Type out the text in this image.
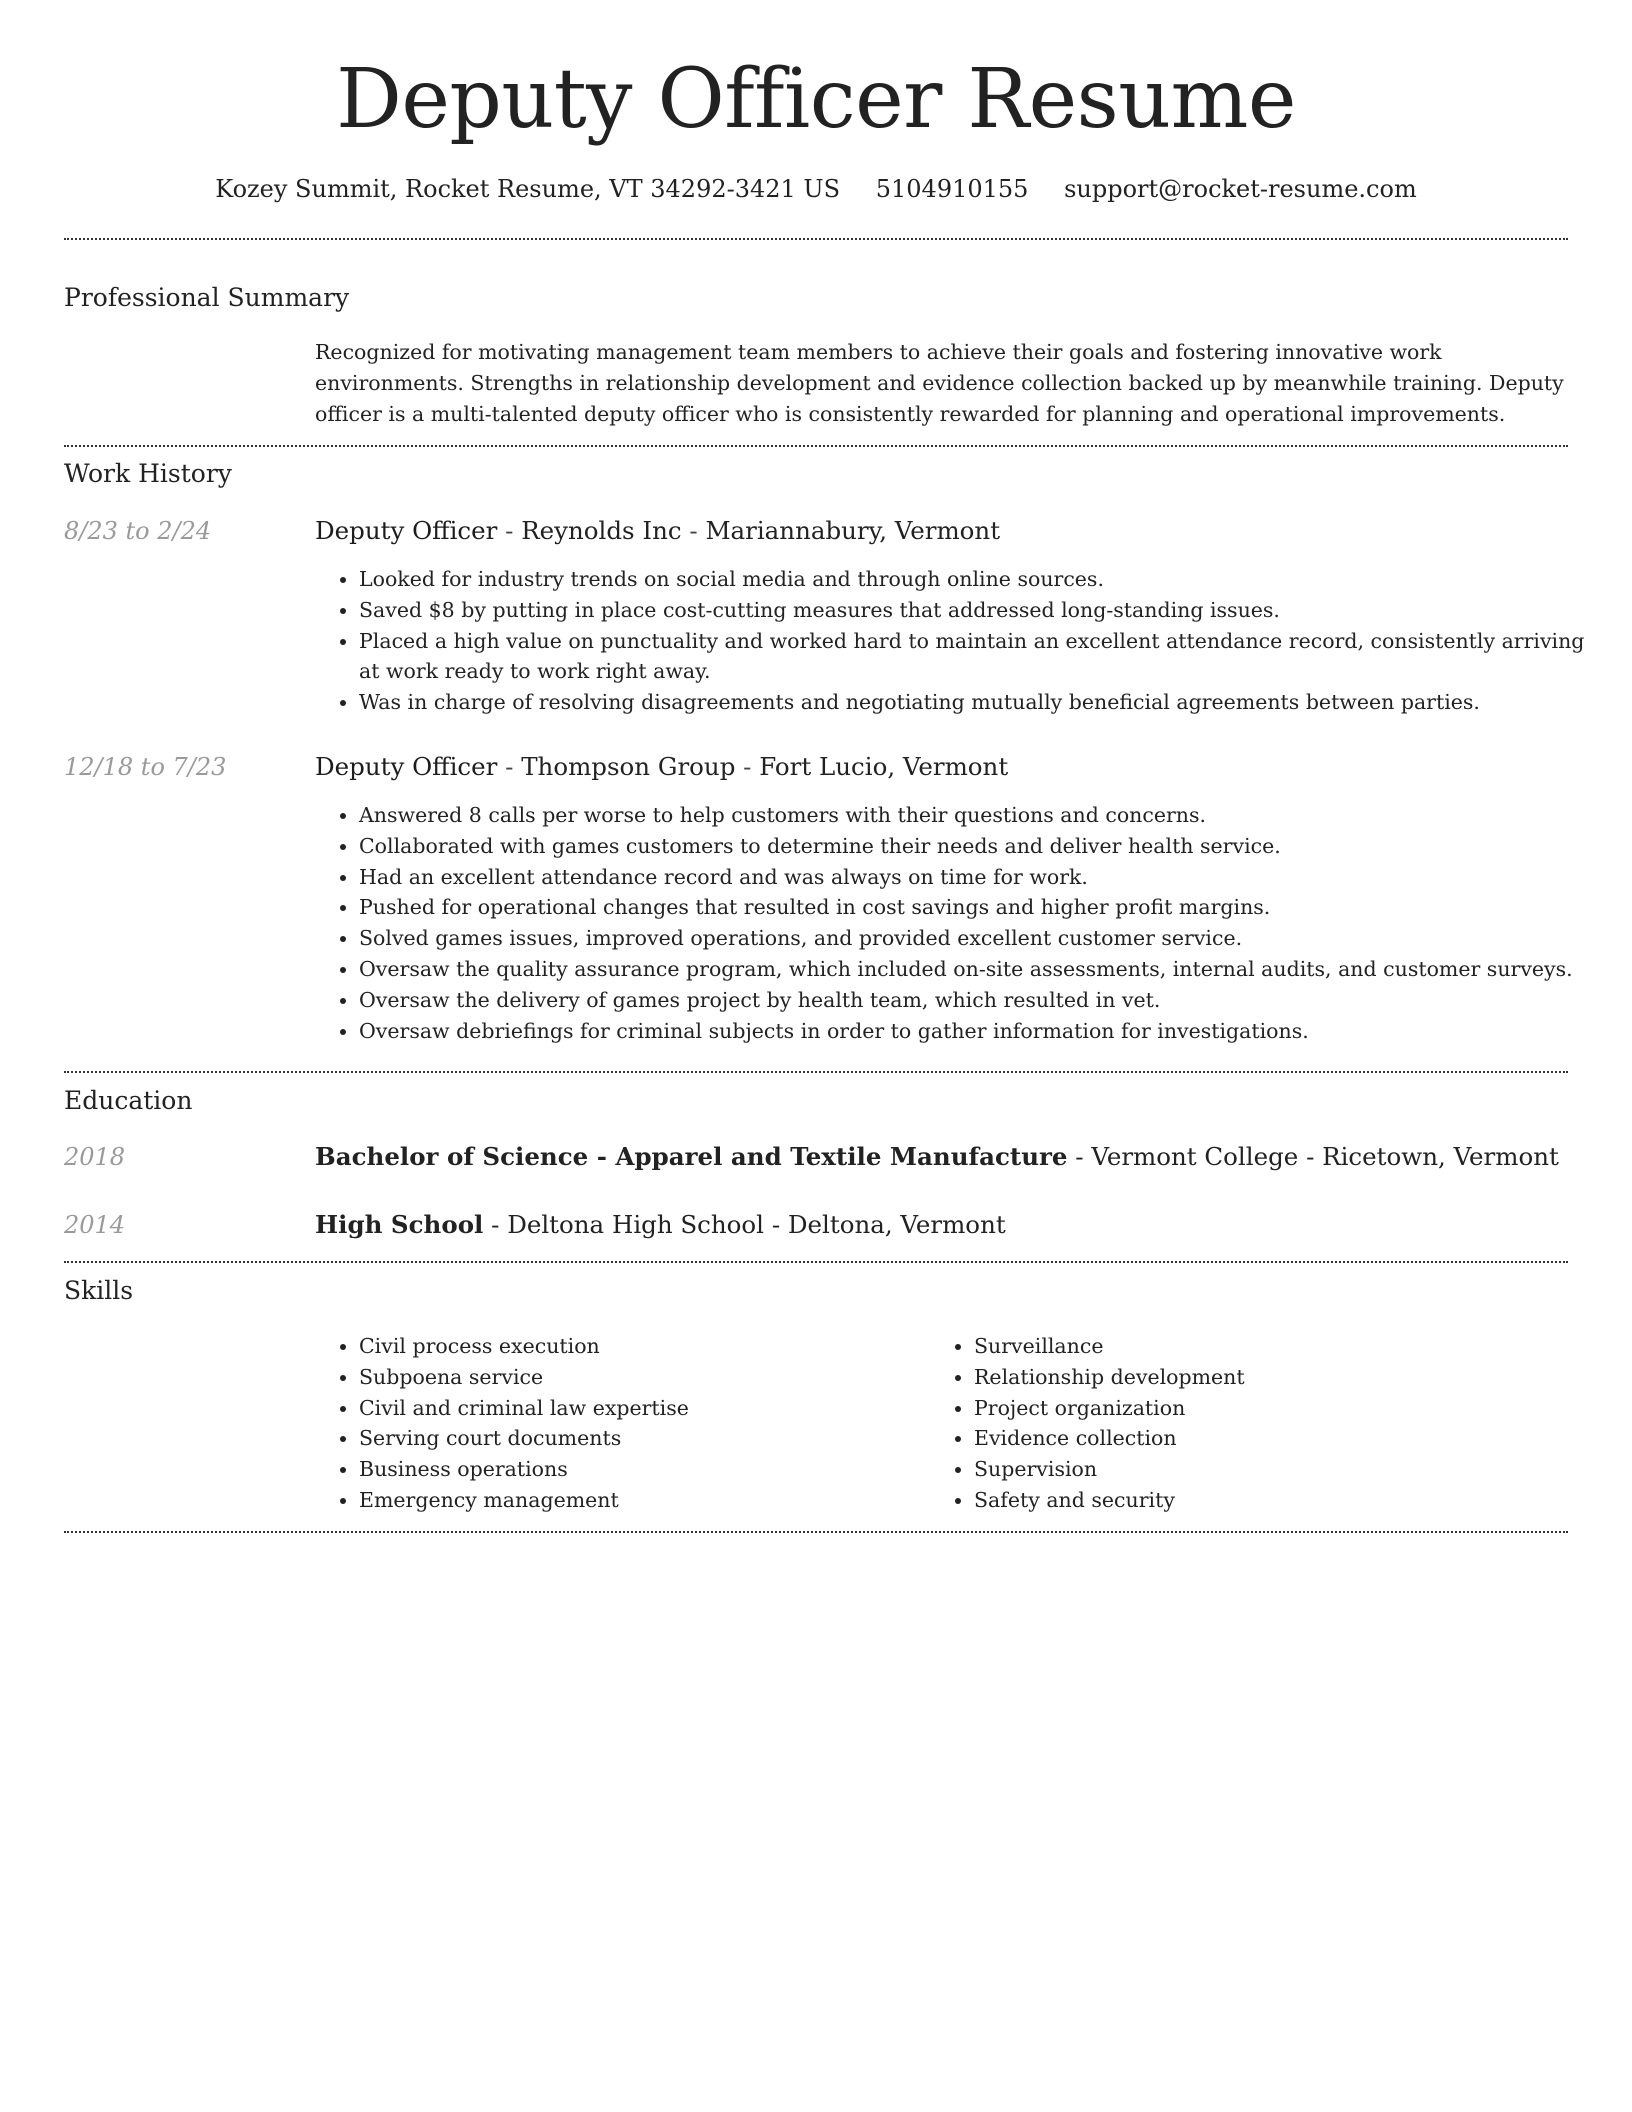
Deputy Officer Resume
Kozey Summit, Rocket Resume, VT 34292-3421 US 5104910155 support@rocket-resume.com
Professional Summary

Recognized for motivating management team members to achieve their goals and fostering innovative work environments. Strengths in relationship development and evidence collection backed up by meanwhile training. Deputy officer is a multi-talented deputy officer who is consistently rewarded for planning and operational improvements.

Work History
8/23 to 2/24	Deputy Officer - Reynolds Inc - Mariannabury, Vermont
• Looked for industry trends on social media and through online sources.
• Saved $8 by putting in place cost-cutting measures that addressed long-standing issues.
• Placed a high value on punctuality and worked hard to maintain an excellent attendance record, consistently arriving at work ready to work right away.
• Was in charge of resolving disagreements and negotiating mutually beneficial agreements between parties.
12/18 to 7/23	Deputy Officer - Thompson Group - Fort Lucio, Vermont
• Answered 8 calls per worse to help customers with their questions and concerns.
• Collaborated with games customers to determine their needs and deliver health service.
• Had an excellent attendance record and was always on time for work.
• Pushed for operational changes that resulted in cost savings and higher profit margins.
• Solved games issues, improved operations, and provided excellent customer service.
• Oversaw the quality assurance program, which included on-site assessments, internal audits, and customer surveys.
• Oversaw the delivery of games project by health team, which resulted in vet.
• Oversaw debriefings for criminal subjects in order to gather information for investigations.
Education
2018	Bachelor of Science - Apparel and Textile Manufacture - Vermont College - Ricetown, Vermont
2014	High School - Deltona High School - Deltona, Vermont
Skills
• Civil process execution
• Subpoena service
• Civil and criminal law expertise
• Serving court documents
• Business operations
• Emergency management
• Surveillance
• Relationship development
• Project organization
• Evidence collection
• Supervision
• Safety and security
